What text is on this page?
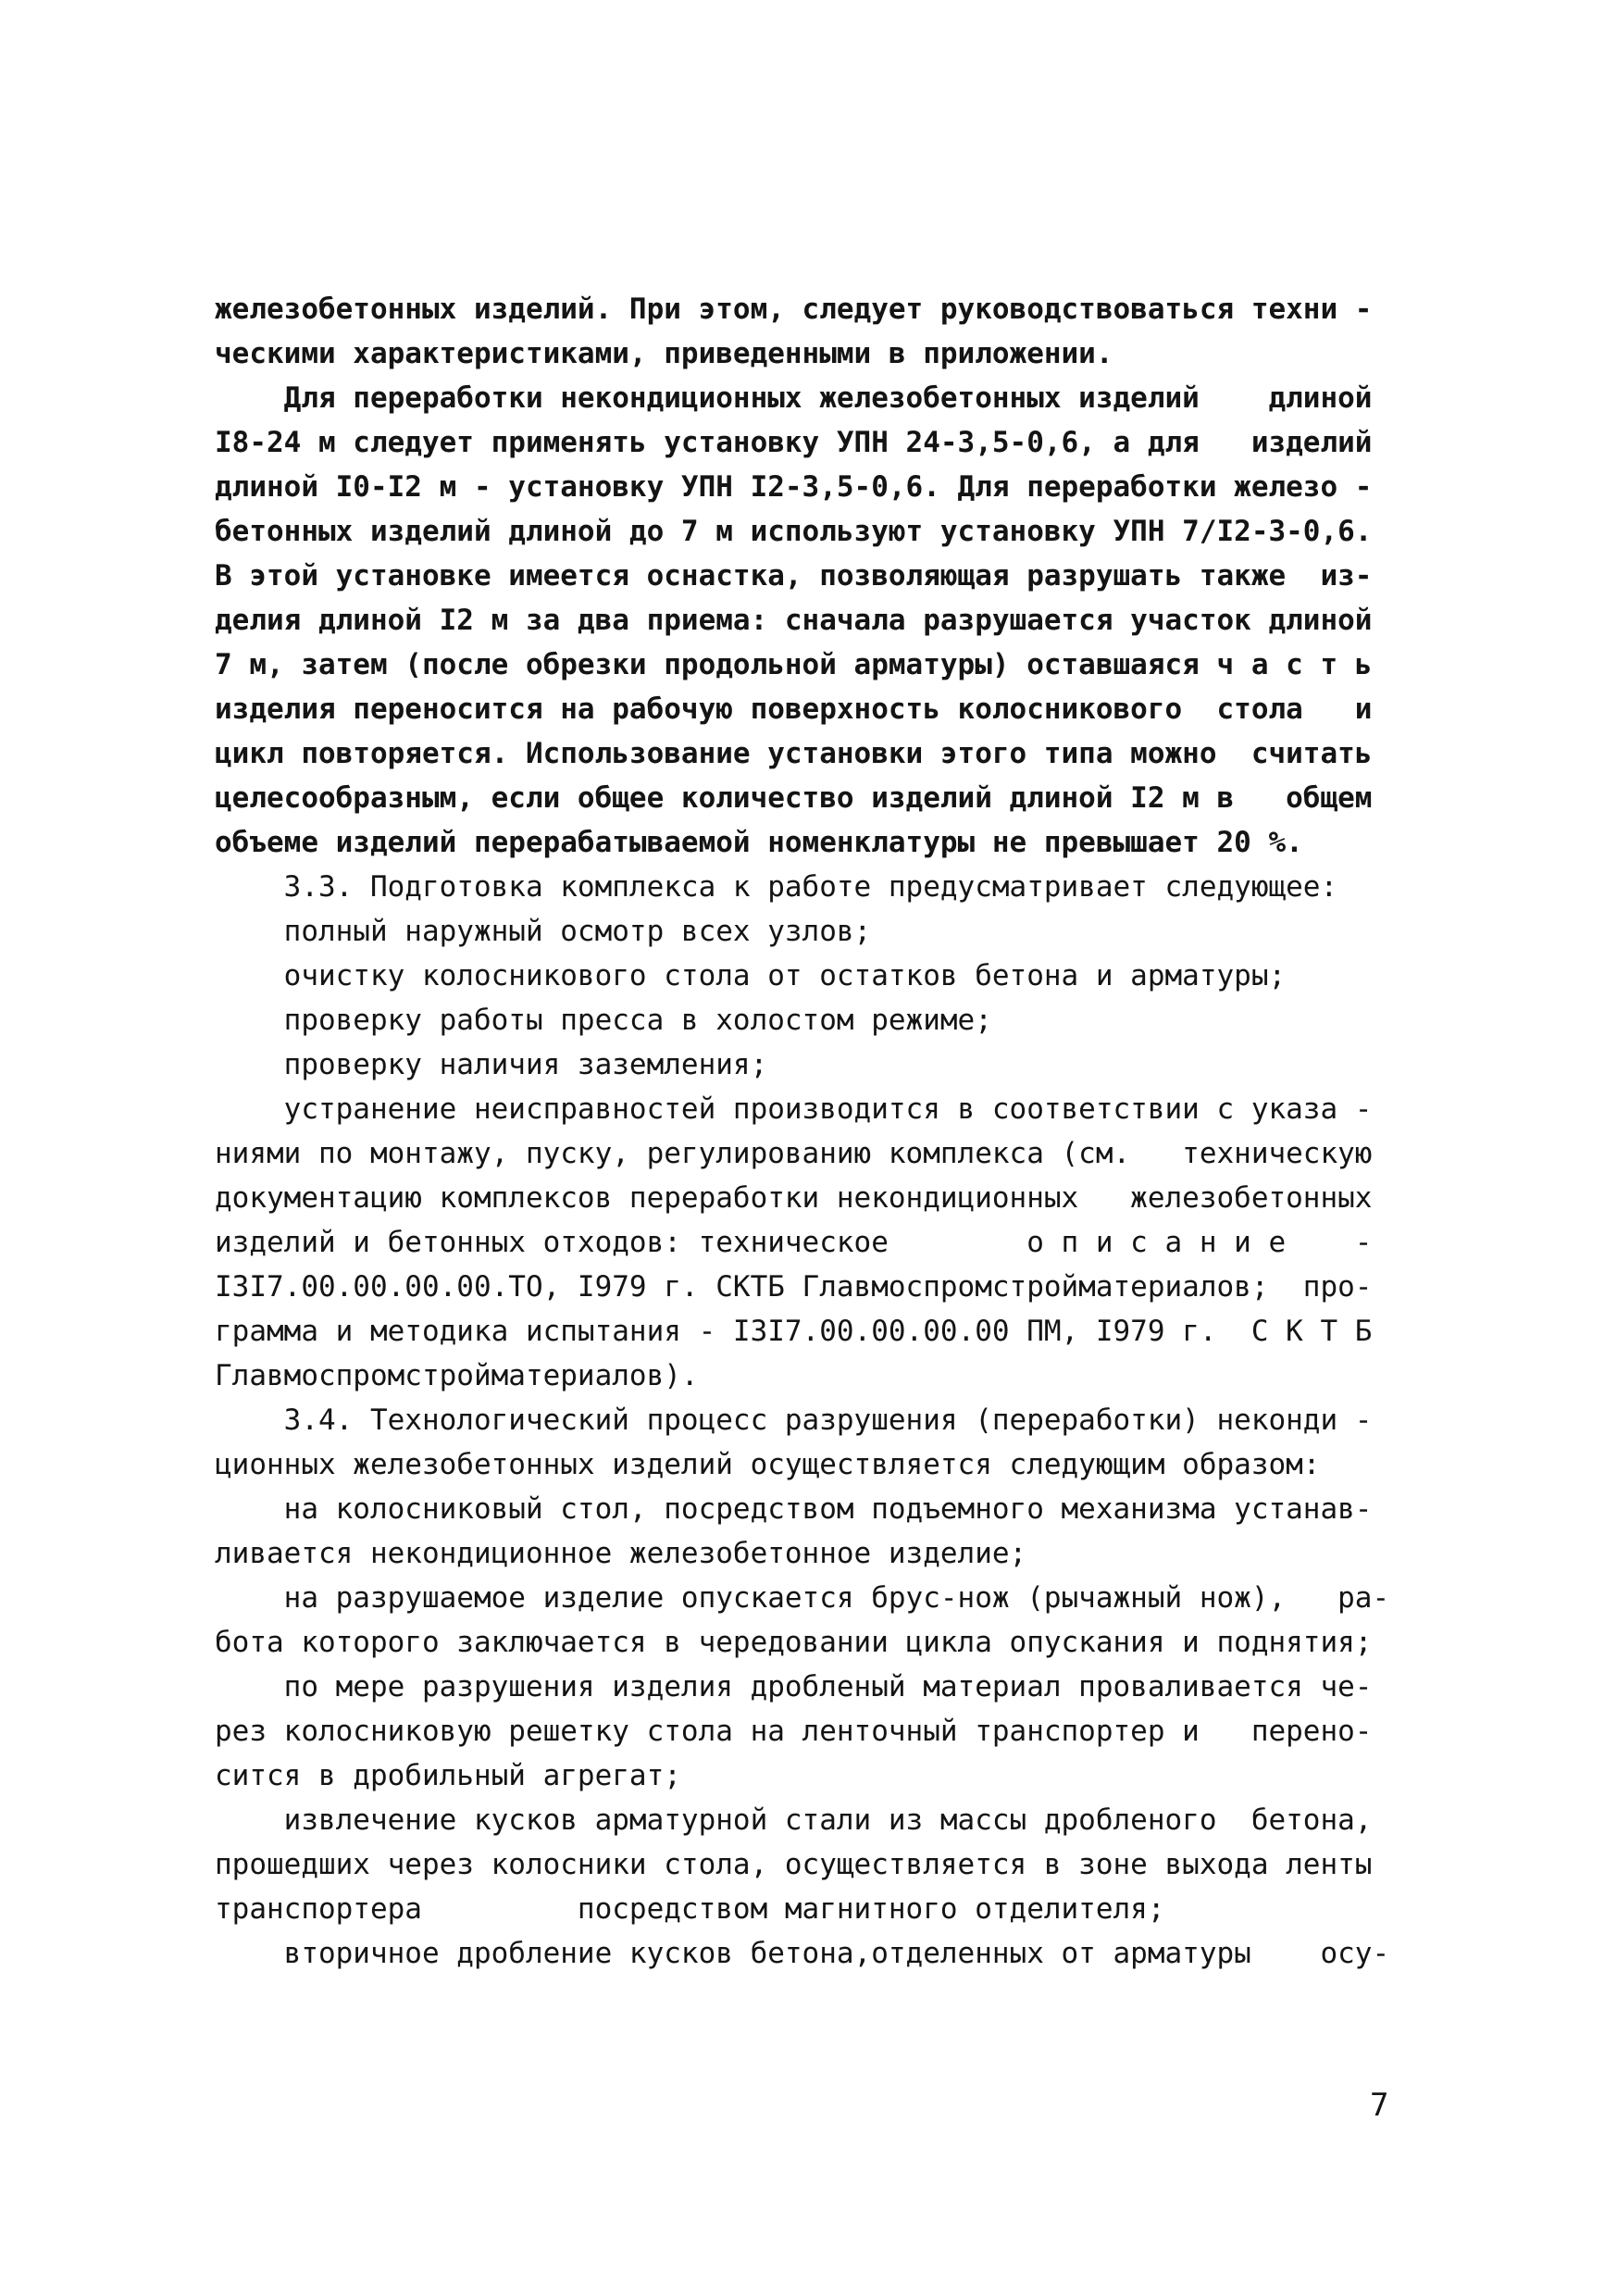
железобетонных изделий. При этом, следует руководствоваться техни -
ческими характеристиками, приведенными в приложении.
Для переработки некондиционных железобетонных изделий    длиной
I8-24 м следует применять установку УПН 24-3,5-0,6, а для   изделий
длиной I0-I2 м - установку УПН I2-3,5-0,6. Для переработки железо -
бетонных изделий длиной до 7 м используют установку УПН 7/I2-3-0,6.
В этой установке имеется оснастка, позволяющая разрушать также  из-
делия длиной I2 м за два приема: сначала разрушается участок длиной
7 м, затем (после обрезки продольной арматуры) оставшаяся ч а с т ь
изделия переносится на рабочую поверхность колосникового  стола   и
цикл повторяется. Использование установки этого типа можно  считать
целесообразным, если общее количество изделий длиной I2 м в   общем
объеме изделий перерабатываемой номенклатуры не превышает 20 %.
3.3. Подготовка комплекса к работе предусматривает следующее:
полный наружный осмотр всех узлов;
очистку колосникового стола от остатков бетона и арматуры;
проверку работы пресса в холостом режиме;
проверку наличия заземления;
устранение неисправностей производится в соответствии с указа -
ниями по монтажу, пуску, регулированию комплекса (см.   техническую
документацию комплексов переработки некондиционных   железобетонных
изделий и бетонных отходов: техническое        о п и с а н и е    -
I3I7.00.00.00.00.ТО, I979 г. СКТБ Главмоспромстройматериалов;  про-
грамма и методика испытания - I3I7.00.00.00.00 ПМ, I979 г.  С К Т Б
Главмоспромстройматериалов).
3.4. Технологический процесс разрушения (переработки) неконди -
ционных железобетонных изделий осуществляется следующим образом:
на колосниковый стол, посредством подъемного механизма устанав-
ливается некондиционное железобетонное изделие;
на разрушаемое изделие опускается брус-нож (рычажный нож),   ра-
бота которого заключается в чередовании цикла опускания и поднятия;
по мере разрушения изделия дробленый материал проваливается че-
рез колосниковую решетку стола на ленточный транспортер и   перено-
сится в дробильный агрегат;
извлечение кусков арматурной стали из массы дробленого  бетона,
прошедших через колосники стола, осуществляется в зоне выхода ленты
транспортера         посредством магнитного отделителя;
вторичное дробление кусков бетона,отделенных от арматуры    осу-
7
